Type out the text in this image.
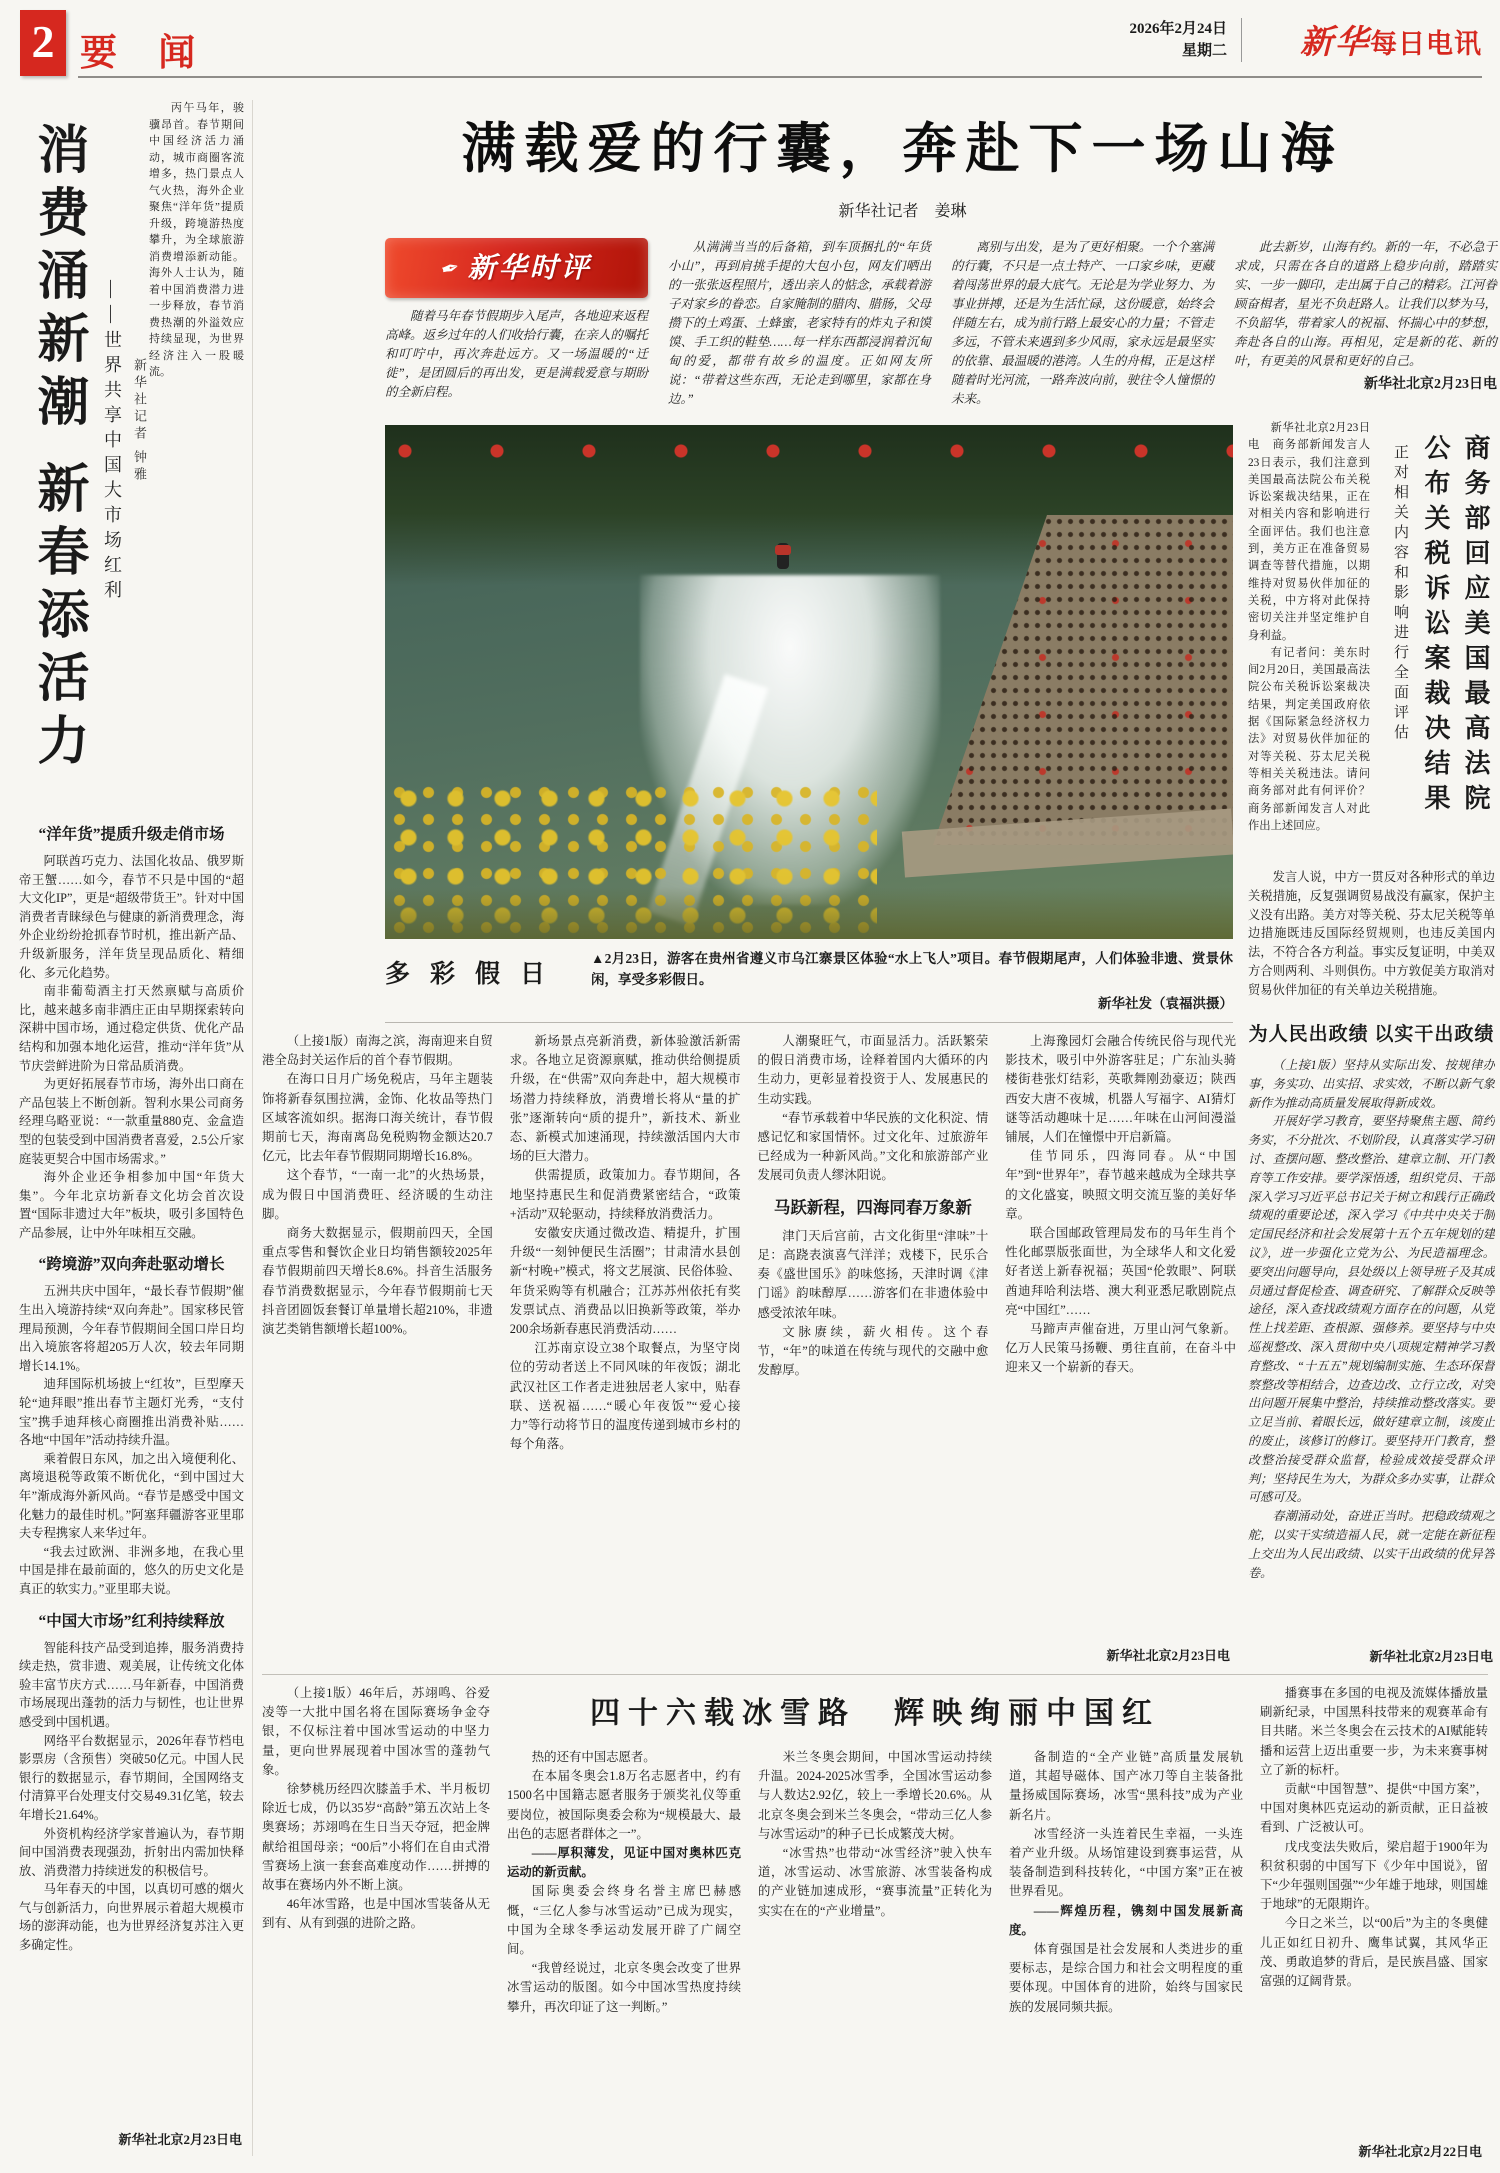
2 要 闻
2026年2月24日
星期二 新华每日电讯
消费涌新潮 新春添活力 ——世界共享中国大市场红利 新华社记者 钟雅

丙午马年，骏骥昂首。春节期间中国经济活力涌动，城市商圈客流增多，热门景点人气火热，海外企业聚焦“洋年货”提质升级，跨境游热度攀升，为全球旅游消费增添新动能。海外人士认为，随着中国消费潜力进一步释放，春节消费热潮的外溢效应持续显现，为世界经济注入一股暖流。

“洋年货”提质升级走俏市场

阿联酋巧克力、法国化妆品、俄罗斯帝王蟹……如今，春节不只是中国的“超大文化IP”，更是“超级带货王”。针对中国消费者青睐绿色与健康的新消费理念，海外企业纷纷抢抓春节时机，推出新产品、升级新服务，洋年货呈现品质化、精细化、多元化趋势。

南非葡萄酒主打天然禀赋与高质价比，越来越多南非酒庄正由早期探索转向深耕中国市场，通过稳定供货、优化产品结构和加强本地化运营，推动“洋年货”从节庆尝鲜进阶为日常品质消费。

为更好拓展春节市场，海外出口商在产品包装上不断创新。智利水果公司商务经理乌略亚说：“一款重量880克、金盒造型的包装受到中国消费者喜爱，2.5公斤家庭装更契合中国市场需求。”

海外企业还争相参加中国“年货大集”。今年北京坊新春文化坊会首次设置“国际非遗过大年”板块，吸引多国特色产品参展，让中外年味相互交融。

“跨境游”双向奔赴驱动增长

五洲共庆中国年，“最长春节假期”催生出入境游持续“双向奔赴”。国家移民管理局预测，今年春节假期间全国口岸日均出入境旅客将超205万人次，较去年同期增长14.1%。

迪拜国际机场披上“红妆”，巨型摩天轮“迪拜眼”推出春节主题灯光秀，“支付宝”携手迪拜核心商圈推出消费补贴……各地“中国年”活动持续升温。

乘着假日东风，加之出入境便利化、离境退税等政策不断优化，“到中国过大年”渐成海外新风尚。“春节是感受中国文化魅力的最佳时机。”阿塞拜疆游客亚里耶夫专程携家人来华过年。

“我去过欧洲、非洲多地，在我心里中国是排在最前面的，悠久的历史文化是真正的软实力。”亚里耶夫说。

“中国大市场”红利持续释放

智能科技产品受到追捧，服务消费持续走热，赏非遗、观美展，让传统文化体验丰富节庆方式……马年新春，中国消费市场展现出蓬勃的活力与韧性，也让世界感受到中国机遇。

网络平台数据显示，2026年春节档电影票房（含预售）突破50亿元。中国人民银行的数据显示，春节期间，全国网络支付清算平台处理支付交易49.31亿笔，较去年增长21.64%。

外资机构经济学家普遍认为，春节期间中国消费表现强劲，折射出内需加快释放、消费潜力持续迸发的积极信号。

马年春天的中国，以真切可感的烟火气与创新活力，向世界展示着超大规模市场的澎湃动能，也为世界经济复苏注入更多确定性。

新华社北京2月23日电
满载爱的行囊，奔赴下一场山海
新华社记者　姜琳
✒ 新华时评

随着马年春节假期步入尾声，各地迎来返程高峰。返乡过年的人们收拾行囊，在亲人的嘱托和叮咛中，再次奔赴远方。又一场温暖的“迁徙”，是团圆后的再出发，更是满载爱意与期盼的全新启程。

从满满当当的后备箱，到车顶捆扎的“年货小山”，再到肩挑手提的大包小包，网友们晒出的一张张返程照片，透出亲人的惦念，承载着游子对家乡的眷恋。自家腌制的腊肉、腊肠，父母攒下的土鸡蛋、土蜂蜜，老家特有的炸丸子和馍馍、手工织的鞋垫……每一样东西都浸润着沉甸甸的爱，都带有故乡的温度。正如网友所说：“带着这些东西，无论走到哪里，家都在身边。”

离别与出发，是为了更好相聚。一个个塞满的行囊，不只是一点土特产、一口家乡味，更藏着闯荡世界的最大底气。无论是为学业努力、为事业拼搏，还是为生活忙碌，这份暖意，始终会伴随左右，成为前行路上最安心的力量；不管走多远，不管未来遇到多少风雨，家永远是最坚实的依靠、最温暖的港湾。人生的舟楫，正是这样随着时光河流，一路奔波向前，驶往令人憧憬的未来。

此去新岁，山海有约。新的一年，不必急于求成，只需在各自的道路上稳步向前，踏踏实实、一步一脚印，走出属于自己的精彩。江河眷顾奋楫者，星光不负赶路人。让我们以梦为马，不负韶华，带着家人的祝福、怀揣心中的梦想，奔赴各自的山海。再相见，定是新的花、新的叶，有更美的风景和更好的自己。

新华社北京2月23日电
多彩假日
▲2月23日，游客在贵州省遵义市乌江寨景区体验“水上飞人”项目。春节假期尾声，人们体验非遗、赏景休闲，享受多彩假日。
新华社发（袁福洪摄）

新华社北京2月23日电　商务部新闻发言人23日表示，我们注意到美国最高法院公布关税诉讼案裁决结果，正在对相关内容和影响进行全面评估。我们也注意到，美方正在准备贸易调查等替代措施，以期维持对贸易伙伴加征的关税，中方将对此保持密切关注并坚定维护自身利益。

有记者问：美东时间2月20日，美国最高法院公布关税诉讼案裁决结果，判定美国政府依据《国际紧急经济权力法》对贸易伙伴加征的对等关税、芬太尼关税等相关关税违法。请问商务部对此有何评价？商务部新闻发言人对此作出上述回应。

商务部回应美国最高法院
公布关税诉讼案裁决结果
正对相关内容和影响进行全面评估

发言人说，中方一贯反对各种形式的单边关税措施，反复强调贸易战没有赢家，保护主义没有出路。美方对等关税、芬太尼关税等单边措施既违反国际经贸规则，也违反美国内法，不符合各方利益。事实反复证明，中美双方合则两利、斗则俱伤。中方敦促美方取消对贸易伙伴加征的有关单边关税措施。

为人民出政绩 以实干出政绩

（上接1版）坚持从实际出发、按规律办事，务实功、出实招、求实效，不断以新气象新作为推动高质量发展取得新成效。

开展好学习教育，要坚持聚焦主题、简约务实，不分批次、不划阶段，认真落实学习研讨、查摆问题、整改整治、建章立制、开门教育等工作安排。要学深悟透，组织党员、干部深入学习习近平总书记关于树立和践行正确政绩观的重要论述，深入学习《中共中央关于制定国民经济和社会发展第十五个五年规划的建议》，进一步强化立党为公、为民造福理念。要突出问题导向，县处级以上领导班子及其成员通过督促检查、调查研究、了解群众反映等途径，深入查找政绩观方面存在的问题，从党性上找差距、查根源、强修养。要坚持与中央巡视整改、深入贯彻中央八项规定精神学习教育整改、“十五五”规划编制实施、生态环保督察整改等相结合，边查边改、立行立改，对突出问题开展集中整治，持续推动整改落实。要立足当前、着眼长远，做好建章立制，该废止的废止，该修订的修订。要坚持开门教育，整改整治接受群众监督，检验成效接受群众评判；坚持民生为大，为群众多办实事，让群众可感可及。

春潮涌动处，奋进正当时。把稳政绩观之舵，以实干实绩造福人民，就一定能在新征程上交出为人民出政绩、以实干出政绩的优异答卷。

新华社北京2月23日电

（上接1版）南海之滨，海南迎来自贸港全岛封关运作后的首个春节假期。

在海口日月广场免税店，马年主题装饰将新春氛围拉满，金饰、化妆品等热门区域客流如织。据海口海关统计，春节假期前七天，海南离岛免税购物金额达20.7亿元，比去年春节假期同期增长16.8%。

这个春节，“一南一北”的火热场景，成为假日中国消费旺、经济暖的生动注脚。

商务大数据显示，假期前四天，全国重点零售和餐饮企业日均销售额较2025年春节假期前四天增长8.6%。抖音生活服务春节消费数据显示，今年春节假期前七天抖音团圆饭套餐订单量增长超210%，非遗演艺类销售额增长超100%。

新场景点亮新消费，新体验激活新需求。各地立足资源禀赋，推动供给侧提质升级，在“供需”双向奔赴中，超大规模市场潜力持续释放，消费增长将从“量的扩张”逐渐转向“质的提升”，新技术、新业态、新模式加速涌现，持续激活国内大市场的巨大潜力。

供需提质，政策加力。春节期间，各地坚持惠民生和促消费紧密结合，“政策+活动”双轮驱动，持续释放消费活力。

安徽安庆通过微改造、精提升，扩围升级“一刻钟便民生活圈”；甘肃清水县创新“村晚+”模式，将文艺展演、民俗体验、年货采购等有机融合；江苏苏州依托有奖发票试点、消费品以旧换新等政策，举办200余场新春惠民消费活动……

江苏南京设立38个取餐点，为坚守岗位的劳动者送上不同风味的年夜饭；湖北武汉社区工作者走进独居老人家中，贴春联、送祝福……“暖心年夜饭”“爱心接力”等行动将节日的温度传递到城市乡村的每个角落。

人潮聚旺气，市面显活力。活跃繁荣的假日消费市场，诠释着国内大循环的内生动力，更彰显着投资于人、发展惠民的生动实践。

“春节承载着中华民族的文化积淀、情感记忆和家国情怀。过文化年、过旅游年已经成为一种新风尚。”文化和旅游部产业发展司负责人缪沐阳说。

马跃新程，四海同春万象新

津门天后宫前，古文化街里“津味”十足：高跷表演喜气洋洋；戏楼下，民乐合奏《盛世国乐》韵味悠扬，天津时调《津门谣》韵味醇厚……游客们在非遗体验中感受浓浓年味。

文脉赓续，薪火相传。这个春节，“年”的味道在传统与现代的交融中愈发醇厚。

上海豫园灯会融合传统民俗与现代光影技术，吸引中外游客驻足；广东汕头骑楼街巷张灯结彩，英歌舞刚劲豪迈；陕西西安大唐不夜城，机器人写福字、AI猜灯谜等活动趣味十足……年味在山河间漫溢铺展，人们在憧憬中开启新篇。

佳节同乐，四海同春。从“中国年”到“世界年”，春节越来越成为全球共享的文化盛宴，映照文明交流互鉴的美好华章。

联合国邮政管理局发布的马年生肖个性化邮票版张面世，为全球华人和文化爱好者送上新春祝福；英国“伦敦眼”、阿联酋迪拜哈利法塔、澳大利亚悉尼歌剧院点亮“中国红”……

马蹄声声催奋进，万里山河气象新。亿万人民策马扬鞭、勇往直前，在奋斗中迎来又一个崭新的春天。

新华社北京2月23日电

（上接1版）46年后，苏翊鸣、谷爱凌等一大批中国名将在国际赛场争金夺银，不仅标注着中国冰雪运动的中坚力量，更向世界展现着中国冰雪的蓬勃气象。

徐梦桃历经四次膝盖手术、半月板切除近七成，仍以35岁“高龄”第五次站上冬奥赛场；苏翊鸣在生日当天夺冠，把金牌献给祖国母亲；“00后”小将们在自由式滑雪赛场上演一套套高难度动作……拼搏的故事在赛场内外不断上演。

46年冰雪路，也是中国冰雪装备从无到有、从有到强的进阶之路。

四十六载冰雪路　辉映绚丽中国红

热的还有中国志愿者。

在本届冬奥会1.8万名志愿者中，约有1500名中国籍志愿者服务于颁奖礼仪等重要岗位，被国际奥委会称为“规模最大、最出色的志愿者群体之一”。

——厚积薄发，见证中国对奥林匹克运动的新贡献。

国际奥委会终身名誉主席巴赫感慨，“三亿人参与冰雪运动”已成为现实，中国为全球冬季运动发展开辟了广阔空间。

“我曾经说过，北京冬奥会改变了世界冰雪运动的版图。如今中国冰雪热度持续攀升，再次印证了这一判断。”

米兰冬奥会期间，中国冰雪运动持续升温。2024-2025冰雪季，全国冰雪运动参与人数达2.92亿，较上一季增长20.6%。从北京冬奥会到米兰冬奥会，“带动三亿人参与冰雪运动”的种子已长成繁茂大树。

“冰雪热”也带动“冰雪经济”驶入快车道，冰雪运动、冰雪旅游、冰雪装备构成的产业链加速成形，“赛事流量”正转化为实实在在的“产业增量”。

备制造的“全产业链”高质量发展轨道，其超导磁体、国产冰刀等自主装备批量扬威国际赛场，冰雪“黑科技”成为产业新名片。

冰雪经济一头连着民生幸福，一头连着产业升级。从场馆建设到赛事运营，从装备制造到科技转化，“中国方案”正在被世界看见。

——辉煌历程，镌刻中国发展新高度。

体育强国是社会发展和人类进步的重要标志，是综合国力和社会文明程度的重要体现。中国体育的进阶，始终与国家民族的发展同频共振。

播赛事在多国的电视及流媒体播放量刷新纪录，中国黑科技带来的观赛革命有目共睹。米兰冬奥会在云技术的AI赋能转播和运营上迈出重要一步，为未来赛事树立了新的标杆。

贡献“中国智慧”、提供“中国方案”，中国对奥林匹克运动的新贡献，正日益被看到、广泛被认可。

戊戌变法失败后，梁启超于1900年为积贫积弱的中国写下《少年中国说》，留下“少年强则国强”“少年雄于地球，则国雄于地球”的无限期许。

今日之米兰，以“00后”为主的冬奥健儿正如红日初升、鹰隼试翼，其风华正茂、勇敢追梦的背后，是民族昌盛、国家富强的辽阔背景。

新华社北京2月22日电
